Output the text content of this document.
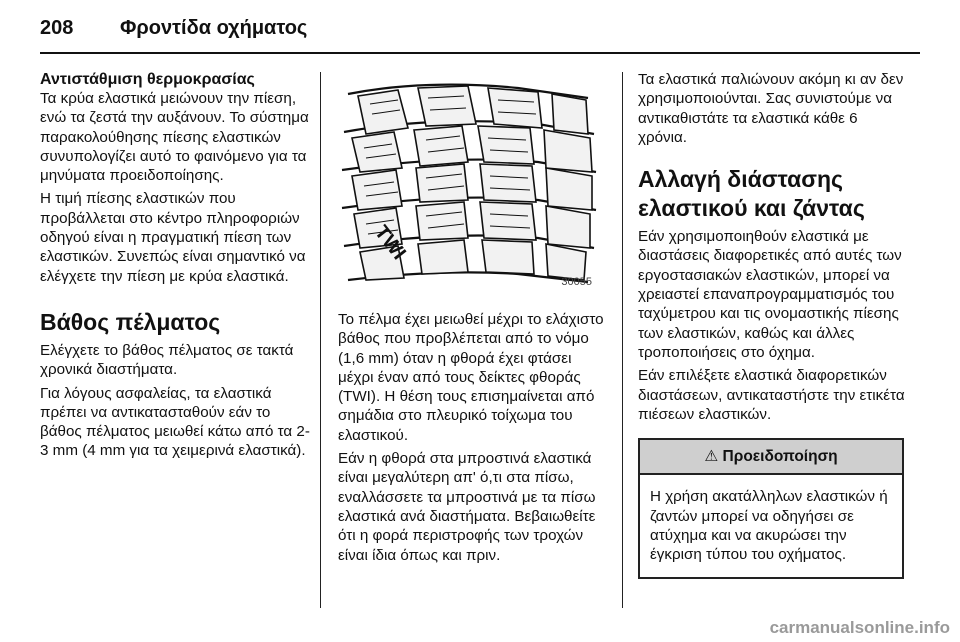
208 Φροντίδα οχήματος
Αντιστάθμιση θερμοκρασίας

Τα κρύα ελαστικά μειώνουν την πίεση, ενώ τα ζεστά την αυξάνουν. Το σύστημα παρακολούθησης πίεσης ελαστικών συνυπολογίζει αυτό το φαινόμενο για τα μηνύματα προειδοποίησης.

Η τιμή πίεσης ελαστικών που προβάλλεται στο κέντρο πληροφοριών οδηγού είναι η πραγματική πίεση των ελαστικών. Συνεπώς είναι σημαντικό να ελέγχετε την πίεση με κρύα ελαστικά.

Βάθος πέλματος

Ελέγχετε το βάθος πέλματος σε τακτά χρονικά διαστήματα.

Για λόγους ασφαλείας, τα ελαστικά πρέπει να αντικατασταθούν εάν το βάθος πέλματος μειωθεί κάτω από τα 2-3 mm (4 mm για τα χειμερινά ελαστικά).

TWI
30055

Το πέλμα έχει μειωθεί μέχρι το ελάχιστο βάθος που προβλέπεται από το νόμο (1,6 mm) όταν η φθορά έχει φτάσει μέχρι έναν από τους δείκτες φθοράς (TWI). Η θέση τους επισημαίνεται από σημάδια στο πλευρικό τοίχωμα του ελαστικού.

Εάν η φθορά στα μπροστινά ελαστικά είναι μεγαλύτερη απ' ό,τι στα πίσω, εναλλάσσετε τα μπροστινά με τα πίσω ελαστικά ανά διαστήματα. Βεβαιωθείτε ότι η φορά περιστροφής των τροχών είναι ίδια όπως και πριν.

Τα ελαστικά παλιώνουν ακόμη κι αν δεν χρησιμοποιούνται. Σας συνιστούμε να αντικαθιστάτε τα ελαστικά κάθε 6 χρόνια.

Αλλαγή διάστασης ελαστικού και ζάντας

Εάν χρησιμοποιηθούν ελαστικά με διαστάσεις διαφορετικές από αυτές των εργοστασιακών ελαστικών, μπορεί να χρειαστεί επαναπρογραμματισμός του ταχύμετρου και τις ονομαστικής πίεσης των ελαστικών, καθώς και άλλες τροποποιήσεις στο όχημα.

Εάν επιλέξετε ελαστικά διαφορετικών διαστάσεων, αντικαταστήστε την ετικέτα πιέσεων ελαστικών.

⚠ Προειδοποίηση
Η χρήση ακατάλληλων ελαστικών ή ζαντών μπορεί να οδηγήσει σε ατύχημα και να ακυρώσει την έγκριση τύπου του οχήματος.
carmanualsonline.info
